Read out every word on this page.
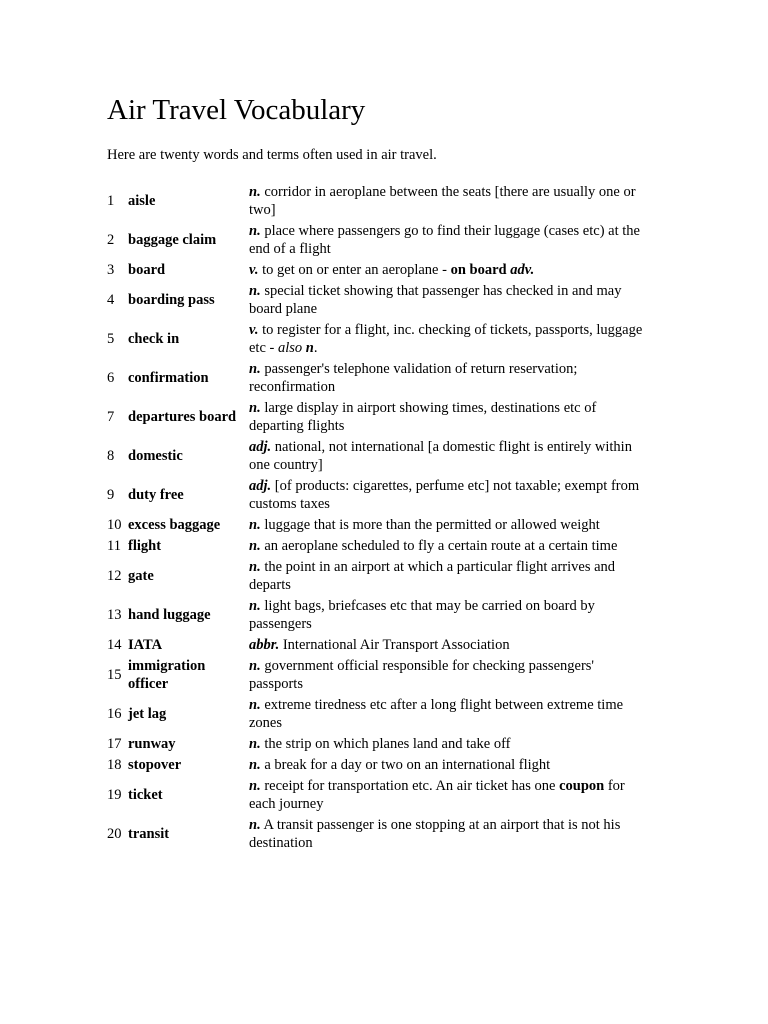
Air Travel Vocabulary

Here are twenty words and terms often used in air travel.

1	aisle	n. corridor in aeroplane between the seats [there are usually one or two]
2	baggage claim	n. place where passengers go to find their luggage (cases etc) at the end of a flight
3	board	v. to get on or enter an aeroplane - on board adv.
4	boarding pass	n. special ticket showing that passenger has checked in and may board plane
5	check in	v. to register for a flight, inc. checking of tickets, passports, luggage etc - also n.
6	confirmation	n. passenger's telephone validation of return reservation; reconfirmation
7	departures board	n. large display in airport showing times, destinations etc of departing flights
8	domestic	adj. national, not international [a domestic flight is entirely within one country]
9	duty free	adj. [of products: cigarettes, perfume etc] not taxable; exempt from customs taxes
10	excess baggage	n. luggage that is more than the permitted or allowed weight
11	flight	n. an aeroplane scheduled to fly a certain route at a certain time
12	gate	n. the point in an airport at which a particular flight arrives and departs
13	hand luggage	n. light bags, briefcases etc that may be carried on board by passengers
14	IATA	abbr. International Air Transport Association
15	immigration officer	n. government official responsible for checking passengers' passports
16	jet lag	n. extreme tiredness etc after a long flight between extreme time zones
17	runway	n. the strip on which planes land and take off
18	stopover	n. a break for a day or two on an international flight
19	ticket	n. receipt for transportation etc. An air ticket has one coupon for each journey
20	transit	n. A transit passenger is one stopping at an airport that is not his destination
